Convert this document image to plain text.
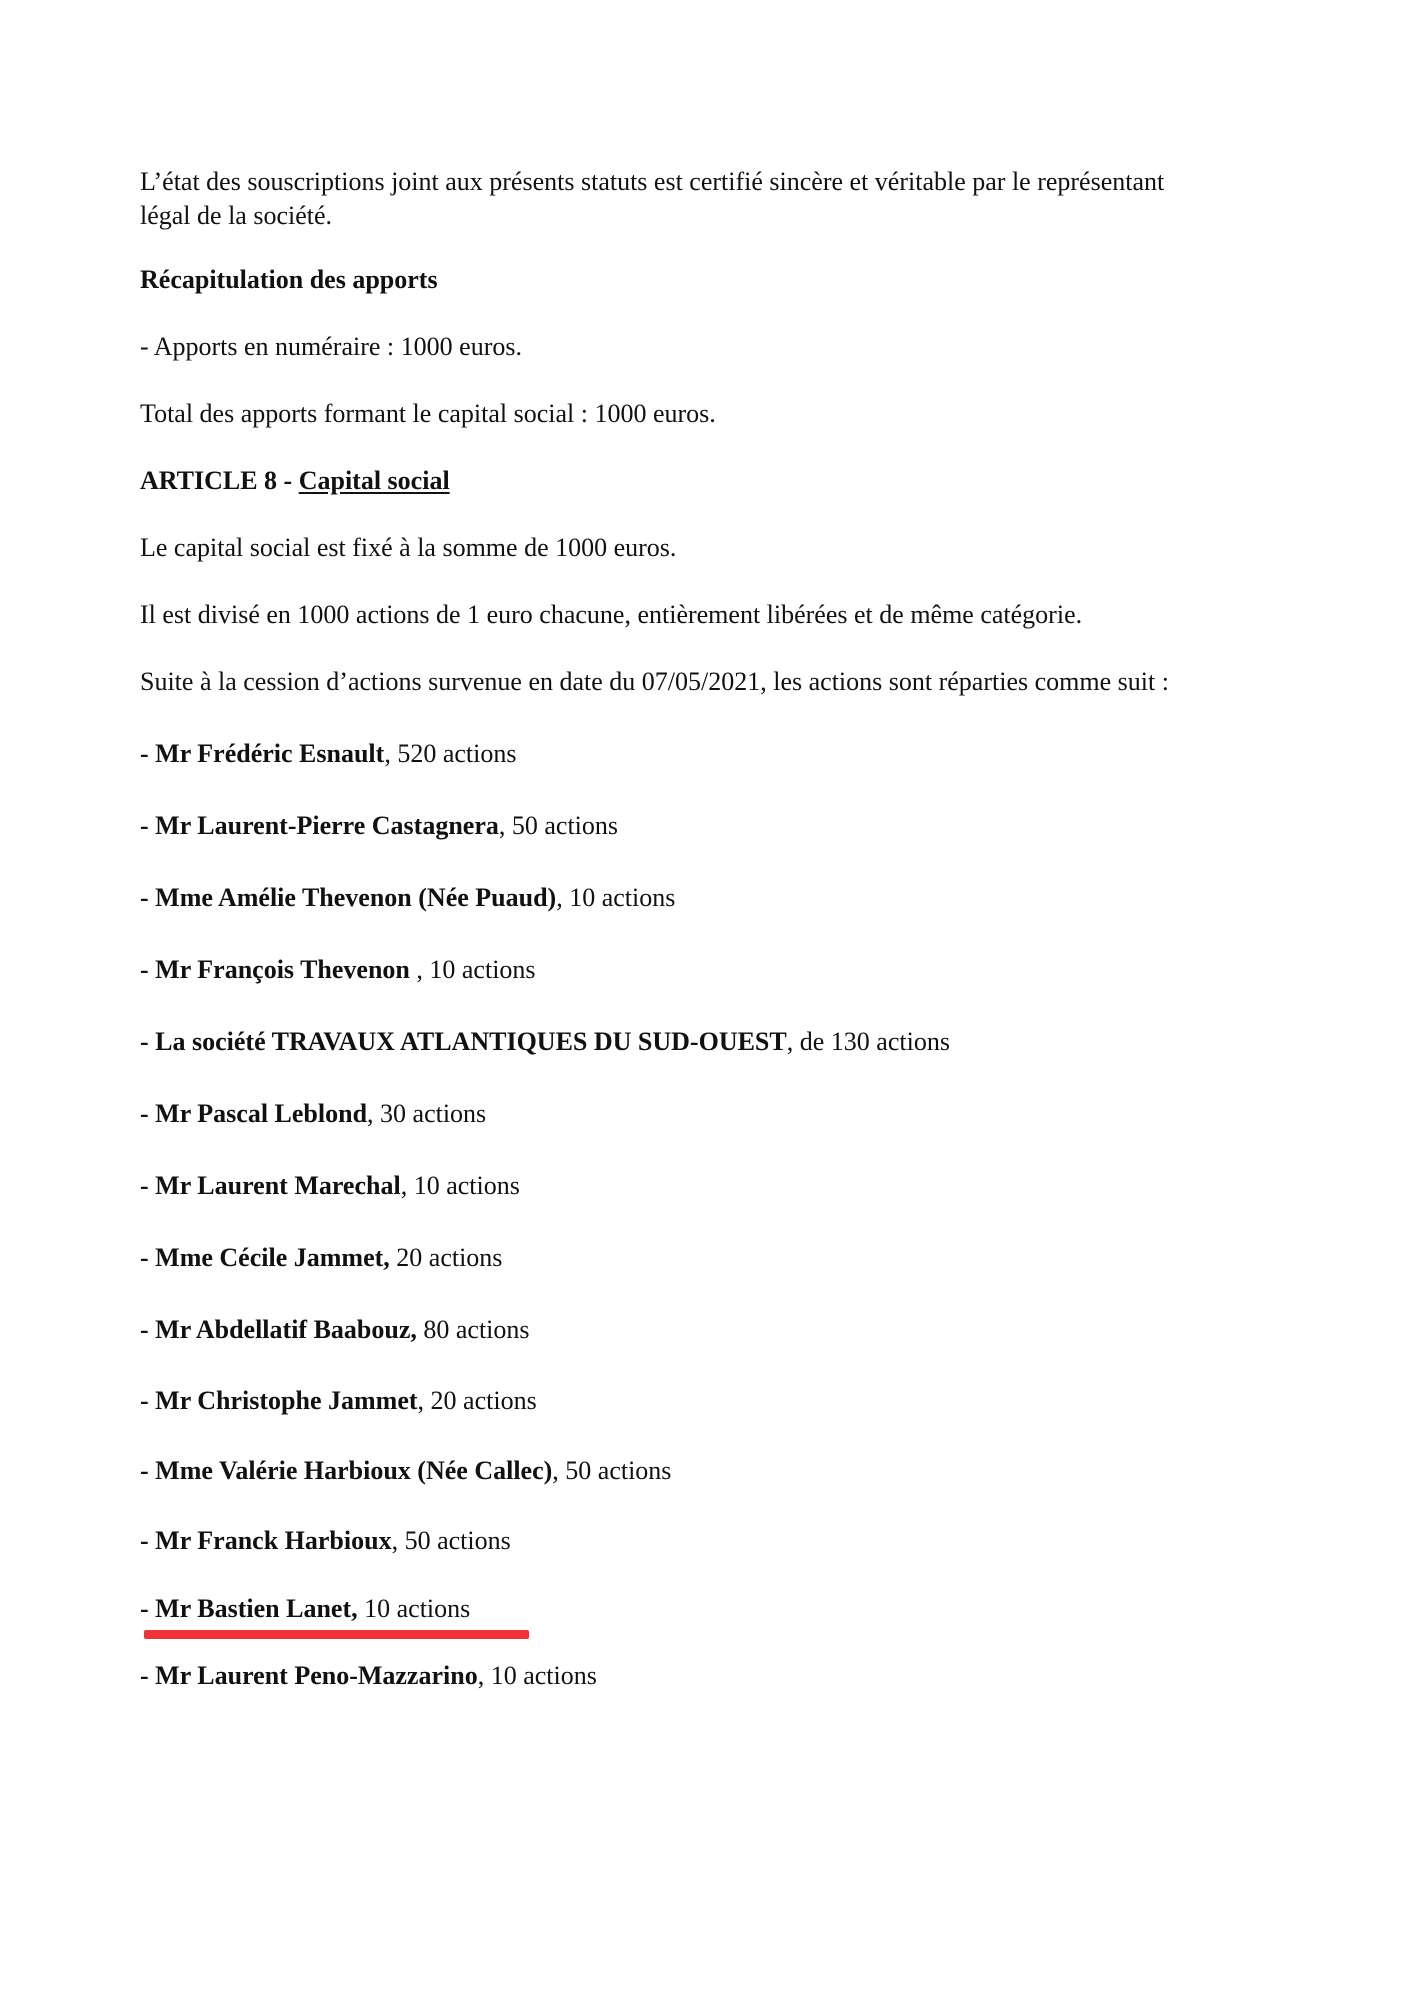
L’état des souscriptions joint aux présents statuts est certifié sincère et véritable par le représentant
légal de la société.

Récapitulation des apports

- Apports en numéraire : 1000 euros.

Total des apports formant le capital social : 1000 euros.

ARTICLE 8 - Capital social

Le capital social est fixé à la somme de 1000 euros.

Il est divisé en 1000 actions de 1 euro chacune, entièrement libérées et de même catégorie.

Suite à la cession d’actions survenue en date du 07/05/2021, les actions sont réparties comme suit :

- Mr Frédéric Esnault, 520 actions

- Mr Laurent-Pierre Castagnera, 50 actions

- Mme Amélie Thevenon (Née Puaud), 10 actions

- Mr François Thevenon , 10 actions

- La société TRAVAUX ATLANTIQUES DU SUD-OUEST, de 130 actions

- Mr Pascal Leblond, 30 actions

- Mr Laurent Marechal, 10 actions

- Mme Cécile Jammet, 20 actions

- Mr Abdellatif Baabouz, 80 actions

- Mr Christophe Jammet, 20 actions

- Mme Valérie Harbioux (Née Callec), 50 actions

- Mr Franck Harbioux, 50 actions

- Mr Bastien Lanet, 10 actions

- Mr Laurent Peno-Mazzarino, 10 actions
